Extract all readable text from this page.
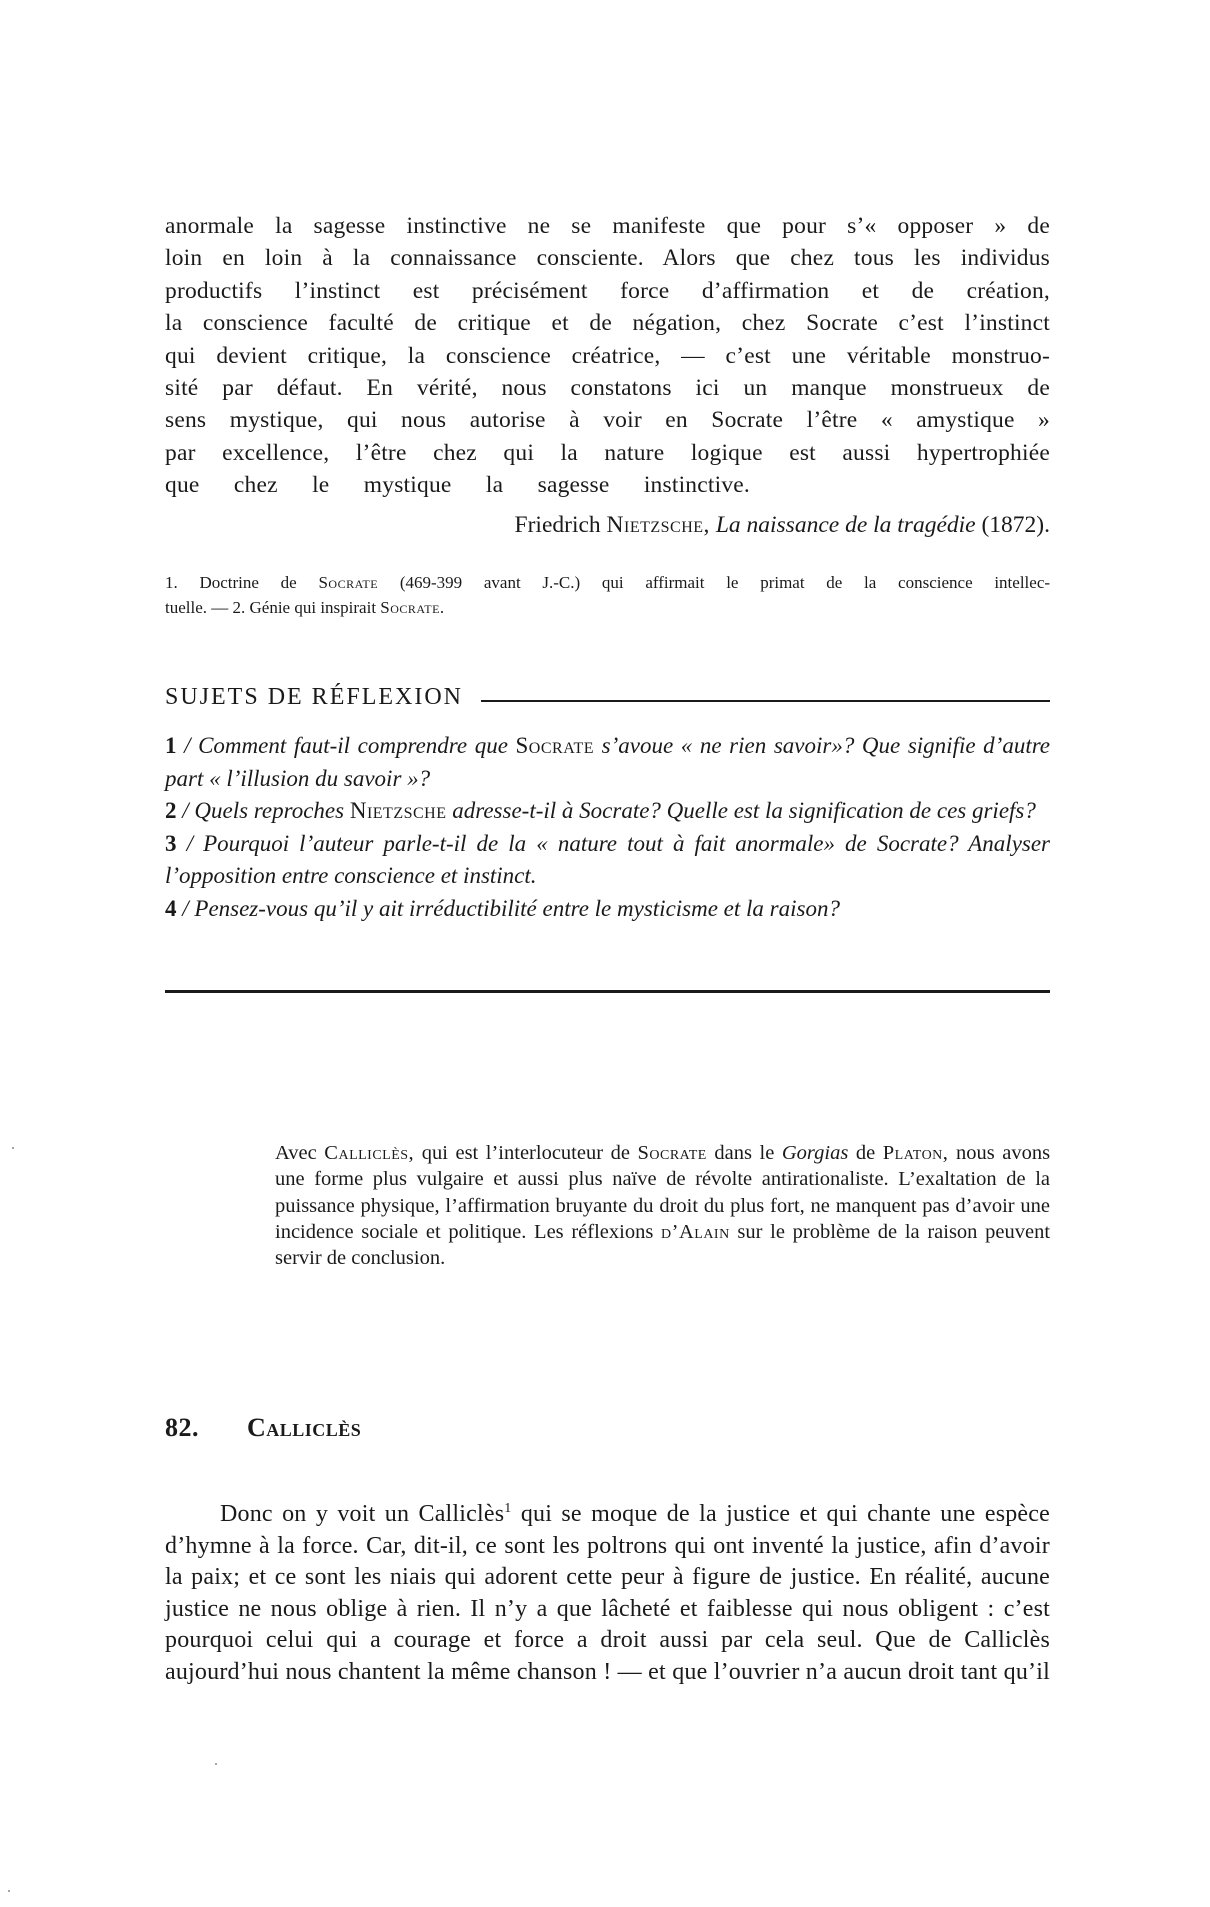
anormale la sagesse instinctive ne se manifeste que pour s’« opposer » de

loin en loin à la connaissance consciente. Alors que chez tous les individus

productifs l’instinct est précisément force d’affirmation et de création,

la conscience faculté de critique et de négation, chez Socrate c’est l’instinct

qui devient critique, la conscience créatrice, — c’est une véritable monstruo-

sité par défaut. En vérité, nous constatons ici un manque monstrueux de

sens mystique, qui nous autorise à voir en Socrate l’être « amystique »

par excellence, l’être chez qui la nature logique est aussi hypertrophiée

que chez le mystique la sagesse instinctive.

Friedrich Nietzsche, La naissance de la tragédie (1872).
1. Doctrine de Socrate (469-399 avant J.-C.) qui affirmait le primat de la conscience intellec-
tuelle. — 2. Génie qui inspirait Socrate.
SUJETS DE RÉFLEXION

1 / Comment faut-il comprendre que Socrate s’avoue « ne rien savoir»? Que signifie d’autre part « l’illusion du savoir »?

2 / Quels reproches Nietzsche adresse-t-il à Socrate? Quelle est la signification de ces griefs?

3 / Pourquoi l’auteur parle-t-il de la « nature tout à fait anormale» de Socrate? Analyser l’opposition entre conscience et instinct.

4 / Pensez-vous qu’il y ait irréductibilité entre le mysticisme et la raison?

Avec Calliclès, qui est l’interlocuteur de Socrate dans le Gorgias de Platon, nous avons une forme plus vulgaire et aussi plus naïve de révolte antirationaliste. L’exaltation de la puissance physique, l’affirmation bruyante du droit du plus fort, ne manquent pas d’avoir une incidence sociale et politique. Les réflexions d’Alain sur le problème de la raison peuvent servir de conclusion.
82. Calliclès

Donc on y voit un Calliclès$^1$ qui se moque de la justice et qui chante une espèce d’hymne à la force. Car, dit-il, ce sont les poltrons qui ont inventé la justice, afin d’avoir la paix; et ce sont les niais qui adorent cette peur à figure de justice. En réalité, aucune justice ne nous oblige à rien. Il n’y a que lâcheté et faiblesse qui nous obligent : c’est pourquoi celui qui a courage et force a droit aussi par cela seul. Que de Calliclès aujourd’hui nous chantent la même chanson ! — et que l’ouvrier n’a aucun droit tant qu’il
